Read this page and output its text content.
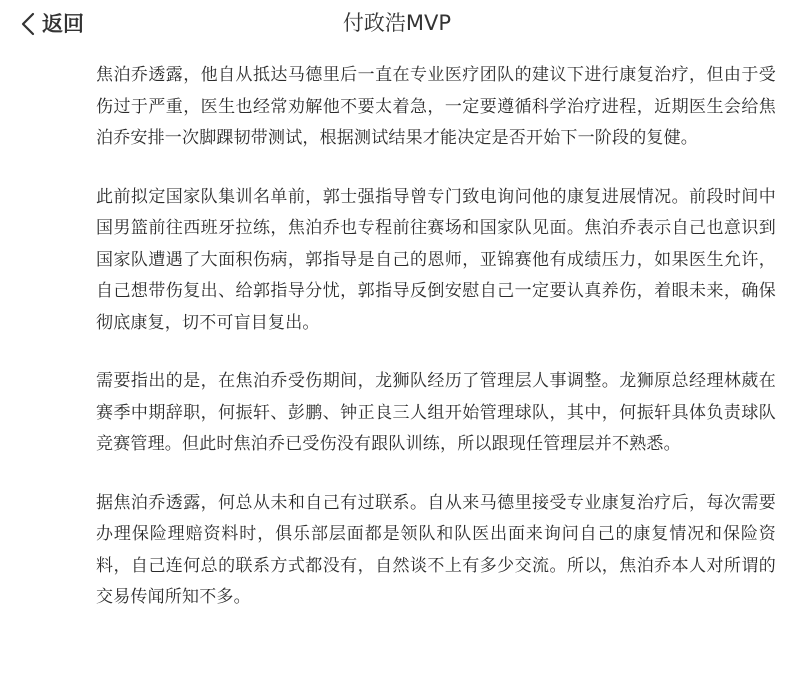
返回	付政浩MVP

焦泊乔透露，他自从抵达马德里后一直在专业医疗团队的建议下进行康复治疗，但由于受伤过于严重，医生也经常劝解他不要太着急，一定要遵循科学治疗进程，近期医生会给焦泊乔安排一次脚踝韧带测试，根据测试结果才能决定是否开始下一阶段的复健。

此前拟定国家队集训名单前，郭士强指导曾专门致电询问他的康复进展情况。前段时间中国男篮前往西班牙拉练，焦泊乔也专程前往赛场和国家队见面。焦泊乔表示自己也意识到国家队遭遇了大面积伤病，郭指导是自己的恩师，亚锦赛他有成绩压力，如果医生允许，自己想带伤复出、给郭指导分忧，郭指导反倒安慰自己一定要认真养伤，着眼未来，确保彻底康复，切不可盲目复出。

需要指出的是，在焦泊乔受伤期间，龙狮队经历了管理层人事调整。龙狮原总经理林葳在赛季中期辞职，何振轩、彭鹏、钟正良三人组开始管理球队，其中，何振轩具体负责球队竞赛管理。但此时焦泊乔已受伤没有跟队训练，所以跟现任管理层并不熟悉。

据焦泊乔透露，何总从未和自己有过联系。自从来马德里接受专业康复治疗后，每次需要办理保险理赔资料时，俱乐部层面都是领队和队医出面来询问自己的康复情况和保险资料，自己连何总的联系方式都没有，自然谈不上有多少交流。所以，焦泊乔本人对所谓的交易传闻所知不多。
